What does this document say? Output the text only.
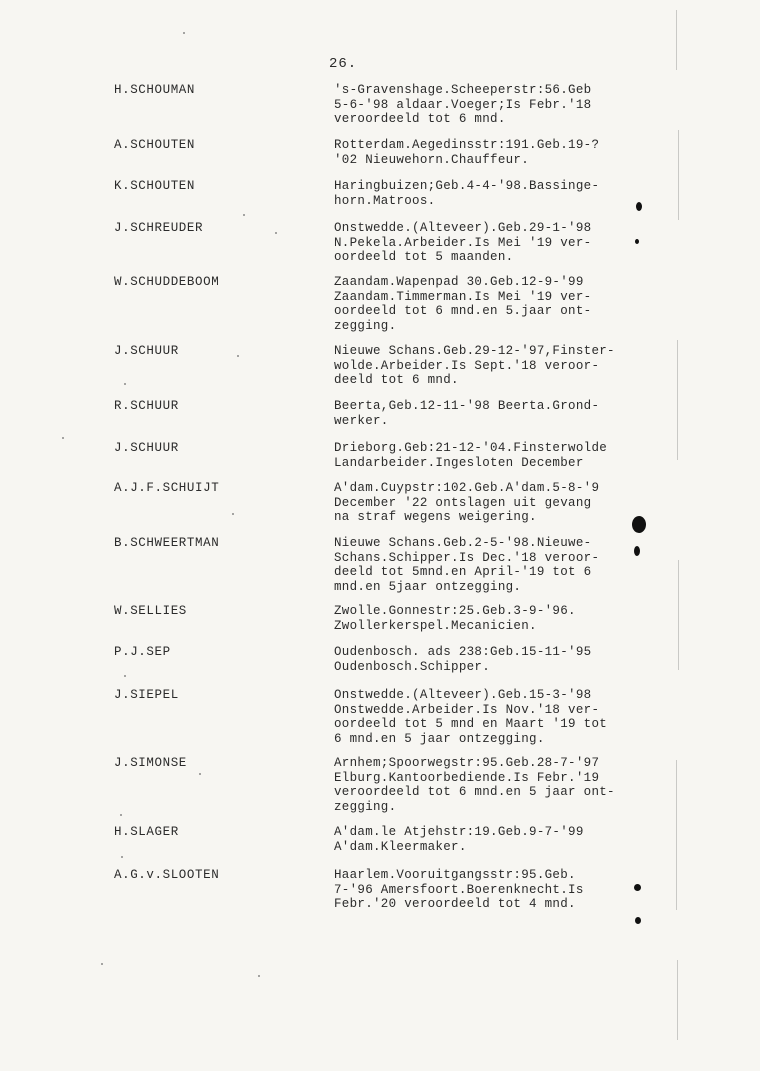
26.
H.SCHOUMAN	's-Gravenshage.Scheeperstr:56.Geb
5-6-'98 aldaar.Voeger;Is Febr.'18
veroordeeld tot 6 mnd.
A.SCHOUTEN	Rotterdam.Aegedinsstr:191.Geb.19-?
'02 Nieuwehorn.Chauffeur.
K.SCHOUTEN	Haringbuizen;Geb.4-4-'98.Bassinge-
horn.Matroos.
J.SCHREUDER	Onstwedde.(Alteveer).Geb.29-1-'98
N.Pekela.Arbeider.Is Mei '19 ver-
oordeeld tot 5 maanden.
W.SCHUDDEBOOM	Zaandam.Wapenpad 30.Geb.12-9-'99
Zaandam.Timmerman.Is Mei '19 ver-
oordeeld tot 6 mnd.en 5.jaar ont-
zegging.
J.SCHUUR	Nieuwe Schans.Geb.29-12-'97,Finster-
wolde.Arbeider.Is Sept.'18 veroor-
deeld tot 6 mnd.
R.SCHUUR	Beerta,Geb.12-11-'98 Beerta.Grond-
werker.
J.SCHUUR	Drieborg.Geb:21-12-'04.Finsterwolde
Landarbeider.Ingesloten December
A.J.F.SCHUIJT	A'dam.Cuypstr:102.Geb.A'dam.5-8-'9
December '22 ontslagen uit gevang
na straf wegens weigering.
B.SCHWEERTMAN	Nieuwe Schans.Geb.2-5-'98.Nieuwe-
Schans.Schipper.Is Dec.'18 veroor-
deeld tot 5mnd.en April-'19 tot 6
mnd.en 5jaar ontzegging.
W.SELLIES	Zwolle.Gonnestr:25.Geb.3-9-'96.
Zwollerkerspel.Mecanicien.
P.J.SEP	Oudenbosch. ads 238:Geb.15-11-'95
Oudenbosch.Schipper.
J.SIEPEL	Onstwedde.(Alteveer).Geb.15-3-'98
Onstwedde.Arbeider.Is Nov.'18 ver-
oordeeld tot 5 mnd en Maart '19 tot
6 mnd.en 5 jaar ontzegging.
J.SIMONSE	Arnhem;Spoorwegstr:95.Geb.28-7-'97
Elburg.Kantoorbediende.Is Febr.'19
veroordeeld tot 6 mnd.en 5 jaar ont-
zegging.
H.SLAGER	A'dam.le Atjehstr:19.Geb.9-7-'99
A'dam.Kleermaker.
A.G.v.SLOOTEN	Haarlem.Vooruitgangsstr:95.Geb.
7-'96 Amersfoort.Boerenknecht.Is
Febr.'20 veroordeeld tot 4 mnd.
